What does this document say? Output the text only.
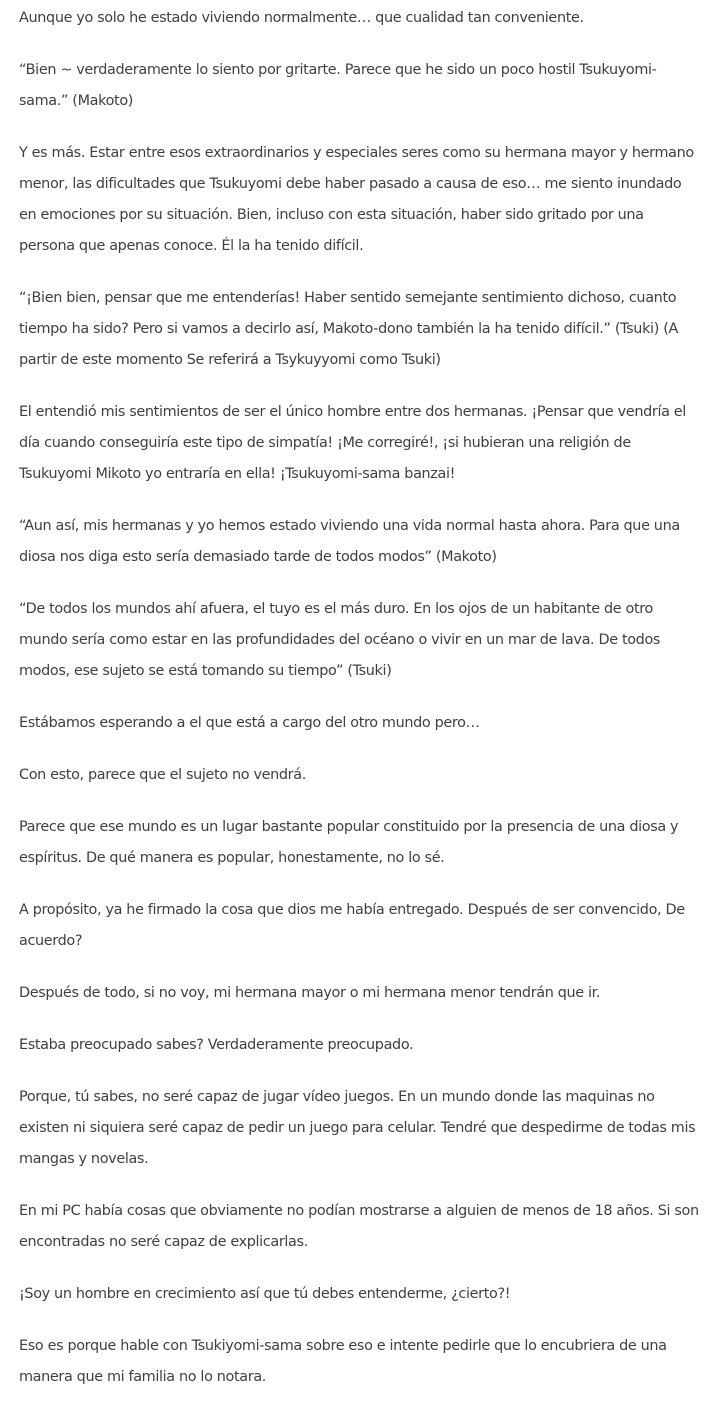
Aunque yo solo he estado viviendo normalmente… que cualidad tan conveniente.

“Bien ~ verdaderamente lo siento por gritarte. Parece que he sido un poco hostil Tsukuyomi-sama.” (Makoto)

Y es más. Estar entre esos extraordinarios y especiales seres como su hermana mayor y hermano menor, las dificultades que Tsukuyomi debe haber pasado a causa de eso… me siento inundado en emociones por su situación. Bien, incluso con esta situación, haber sido gritado por una persona que apenas conoce. Él la ha tenido difícil.

“¡Bien bien, pensar que me entenderías! Haber sentido semejante sentimiento dichoso, cuanto tiempo ha sido? Pero si vamos a decirlo así, Makoto-dono también la ha tenido difícil.” (Tsuki) (A partir de este momento Se referirá a Tsykuyyomi como Tsuki)

El entendió mis sentimientos de ser el único hombre entre dos hermanas. ¡Pensar que vendría el día cuando conseguiría este tipo de simpatía! ¡Me corregiré!, ¡si hubieran una religión de Tsukuyomi Mikoto yo entraría en ella! ¡Tsukuyomi-sama banzai!

“Aun así, mis hermanas y yo hemos estado viviendo una vida normal hasta ahora. Para que una diosa nos diga esto sería demasiado tarde de todos modos” (Makoto)

“De todos los mundos ahí afuera, el tuyo es el más duro. En los ojos de un habitante de otro mundo sería como estar en las profundidades del océano o vivir en un mar de lava. De todos modos, ese sujeto se está tomando su tiempo” (Tsuki)

Estábamos esperando a el que está a cargo del otro mundo pero…

Con esto, parece que el sujeto no vendrá.

Parece que ese mundo es un lugar bastante popular constituido por la presencia de una diosa y espíritus. De qué manera es popular, honestamente, no lo sé.

A propósito, ya he firmado la cosa que dios me había entregado. Después de ser convencido, De acuerdo?

Después de todo, si no voy, mi hermana mayor o mi hermana menor tendrán que ir.

Estaba preocupado sabes? Verdaderamente preocupado.

Porque, tú sabes, no seré capaz de jugar vídeo juegos. En un mundo donde las maquinas no existen ni siquiera seré capaz de pedir un juego para celular. Tendré que despedirme de todas mis mangas y novelas.

En mi PC había cosas que obviamente no podían mostrarse a alguien de menos de 18 años. Si son encontradas no seré capaz de explicarlas.

¡Soy un hombre en crecimiento así que tú debes entenderme, ¿cierto?!

Eso es porque hable con Tsukiyomi-sama sobre eso e intente pedirle que lo encubriera de una manera que mi familia no lo notara.
